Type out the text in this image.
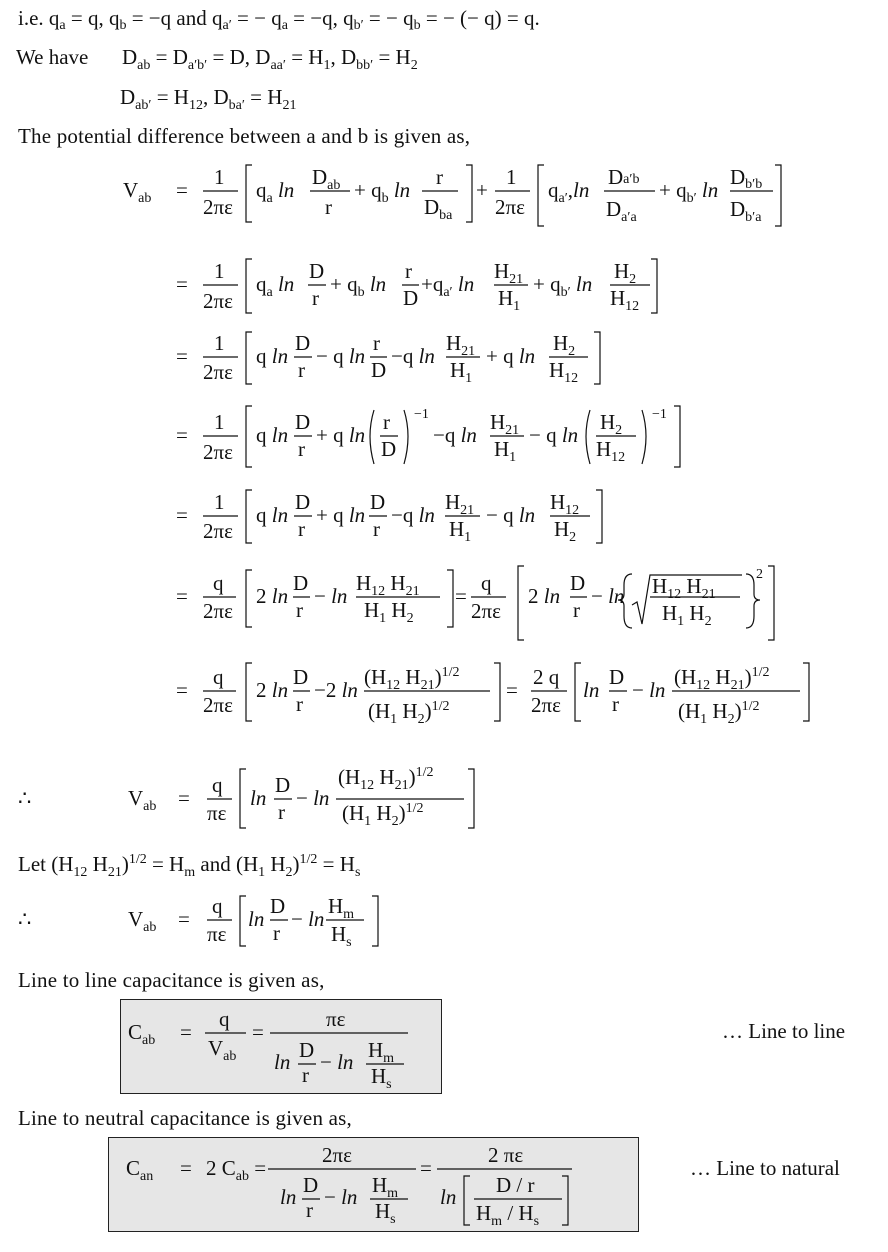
The potential difference between a and b is given as,
Line to line capacitance is given as,
Line to neutral capacitance is given as,
… Line to line
… Line to natural
i.e. qa = q, qb = −q and qa′ = − qa = −q, qb′ = − qb = − (− q) = q.
We have $D_{ab} = D_{a'b'} = D$, $D_{aa'} = H_1$, $D_{bb'} = H_2$
$D_{ab'} = H_{12}$, $D_{ba'} = H_{21}$
$V_{ab}$ =
1
2πε
$q_a$ ln
$D_{ab}$
r
+ $q_b$ ln
r
$D_{ba}$
+
1
2πε
$q_{a'},\ln$
Da′b
$D_{a'a}$
+ $q_{b'}$ ln
Db′b
$D_{b'a}$
=
1
2πε
$q_a$ ln
D
r
+ $q_b$ ln
r
D
$+q_{a'}$ ln
$H_{21}$
$H_1$
+ $q_{b'}$ ln
$H_2$
$H_{12}$
=
1
2πε
q ln
D
r
− q ln
r
D
−q ln
$H_{21}$
$H_1$
+ q ln
$H_2$
$H_{12}$
=
1
2πε
q ln
D
r
+ q ln
r
D
−1
−q ln
$H_{21}$
$H_1$
− q ln
$H_2$
$H_{12}$
−1
=
1
2πε
q ln
D
r
+ q ln
D
r
−q ln
$H_{21}$
$H_1$
− q ln
$H_{12}$
$H_2$
=
q
2πε
2 ln
D
r
− ln
$H_{12}$ $H_{21}$
$H_1$ $H_2$
=
q
2πε
2 ln
D
r
− $\ln H_{12}$ $H_{21}$
$H_1$ $H_2$
2
=
q
2πε
2 ln
D
r
−2 ln
($H_{12}$ $H_{21})^{1/2}$
($H_1$ $H_2)^{1/2}$
=
2 q
2πε
ln
D
r
− ln
($H_{12}$ $H_{21})^{1/2}$
($H_1$ $H_2)^{1/2}$
∴	$V_{ab}$ =
q
πε
ln
D
r
− ln
($H_{12}$ $H_{21})^{1/2}$
($H_1$ $H_2)^{1/2}$
Let ($H_{12}$ $H_{21})^{1/2} = H_m$ and ($H_1$ $H_2)^{1/2} = H_s$
∴	$V_{ab}$ =
q
πε
ln
D
r
− ln
$H_m$
$H_s$
$C_{ab}$ =
q
$V_{ab}$
=
πε
ln D
r
− $\ln H_m$
$H_s$
$C_{an} = 2$ $C_{ab}$ =
2πε
ln D
r
− $\ln H_m$
$H_s$
=
2 πε
ln D / r
$H_m / H_s$
